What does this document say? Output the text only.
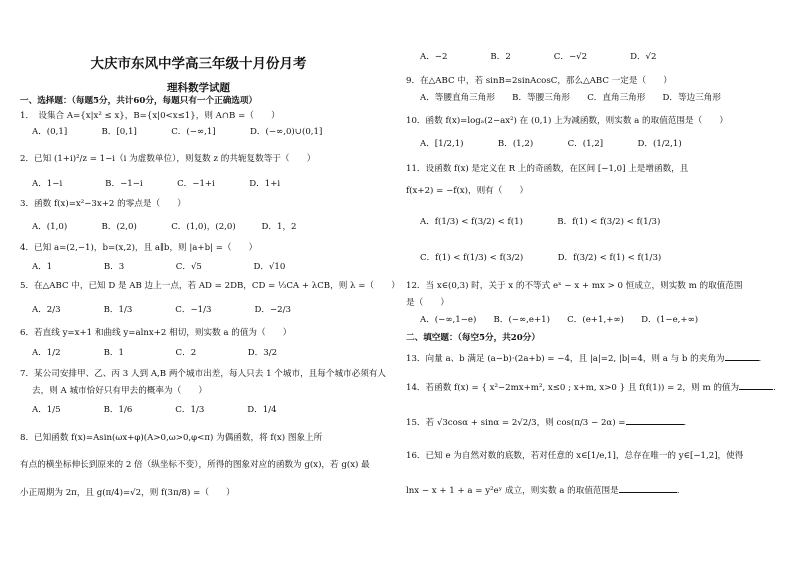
大庆市东风中学高三年级十月份月考
理科数学试题
一、选择题：（每题5分，共计60分，每题只有一个正确选项）
1．　设集合 A={x|x² ≤ x}，B={x|0<x≤1}，则 A∩B =（　　）
A．(0,1]　　　　B．[0,1]　　　　C．(−∞,1]　　　　D．(−∞,0)∪(0,1]
2．已知 (1+i)²/z = 1−i（i 为虚数单位），则复数 z 的共轭复数等于（　　）
A．1−i　　　　　B．−1−i　　　　C．−1+i　　　　D．1+i
3．函数 f(x)=x²−3x+2 的零点是（　　）
A．(1,0)　　　　B．(2,0)　　　　C．(1,0)，(2,0)　　　D．1，2
4．已知 a=(2,−1)，b=(x,2)，且 a∥b，则 |a+b| =（　　）
A．1　　　　　　B．3　　　　　　C．√5　　　　　　D．√10
5．在△ABC 中，已知 D 是 AB 边上一点，若 AD = 2DB，CD = ⅓CA + λCB，则 λ =（　　）
A．2/3　　　　　B．1/3　　　　　C．−1/3　　　　　D．−2/3
6．若直线 y=x+1 和曲线 y=alnx+2 相切，则实数 a 的值为（　　）
A．1/2　　　　　B．1　　　　　　C．2　　　　　　D．3/2
7．某公司安排甲、乙、丙 3 人到 A,B 两个城市出差，每人只去 1 个城市，且每个城市必须有人
去，则 A 城市恰好只有甲去的概率为（　　）
A．1/5　　　　　B．1/6　　　　　C．1/3　　　　　D．1/4
8．已知函数 f(x)=Asin(ωx+φ)(A>0,ω>0,φ<π) 为偶函数，将 f(x) 图象上所
有点的横坐标伸长到原来的 2 倍（纵坐标不变），所得的图象对应的函数为 g(x)，若 g(x) 最
小正周期为 2π，且 g(π/4)=√2，则 f(3π/8) =（　　）
A．−2　　　　　B．2　　　　　C．−√2　　　　　D．√2
9．在△ABC 中，若 sinB=2sinAcosC，那么△ABC 一定是（　　）
A．等腰直角三角形　　B．等腰三角形　　C．直角三角形　　D．等边三角形
10．函数 f(x)=logₐ(2−ax²) 在 (0,1) 上为减函数，则实数 a 的取值范围是（　　）
A．[1/2,1)　　　　B．(1,2)　　　　C．(1,2]　　　　D．(1/2,1)
11．设函数 f(x) 是定义在 R 上的奇函数，在区间 [−1,0] 上是增函数，且
f(x+2) = −f(x)，则有（　　）
A．f(1/3) < f(3/2) < f(1)　　　　B．f(1) < f(3/2) < f(1/3)
C．f(1) < f(1/3) < f(3/2)　　　　D．f(3/2) < f(1) < f(1/3)
12．当 x∈(0,3) 时，关于 x 的不等式 eˣ − x + mx > 0 恒成立，则实数 m 的取值范围
是（　　）
A．(−∞,1−e)　　B．(−∞,e+1)　　C．(e+1,+∞)　　D．(1−e,+∞)
二、填空题：（每空5分，共20分）
13．向量 a、b 满足 (a−b)·(2a+b) = −4，且 |a|=2, |b|=4，则 a 与 b 的夹角为	.
14．若函数 f(x) = { x²−2mx+m², x≤0 ; x+m, x>0 } 且 f(f(1)) = 2，则 m 的值为	.
15．若 √3cosα + sinα = 2√2/3，则 cos(π/3 − 2α) =	.
16．已知 e 为自然对数的底数，若对任意的 x∈[1/e,1]，总存在唯一的 y∈[−1,2]，使得
lnx − x + 1 + a = y²eʸ 成立，则实数 a 的取值范围是	.
